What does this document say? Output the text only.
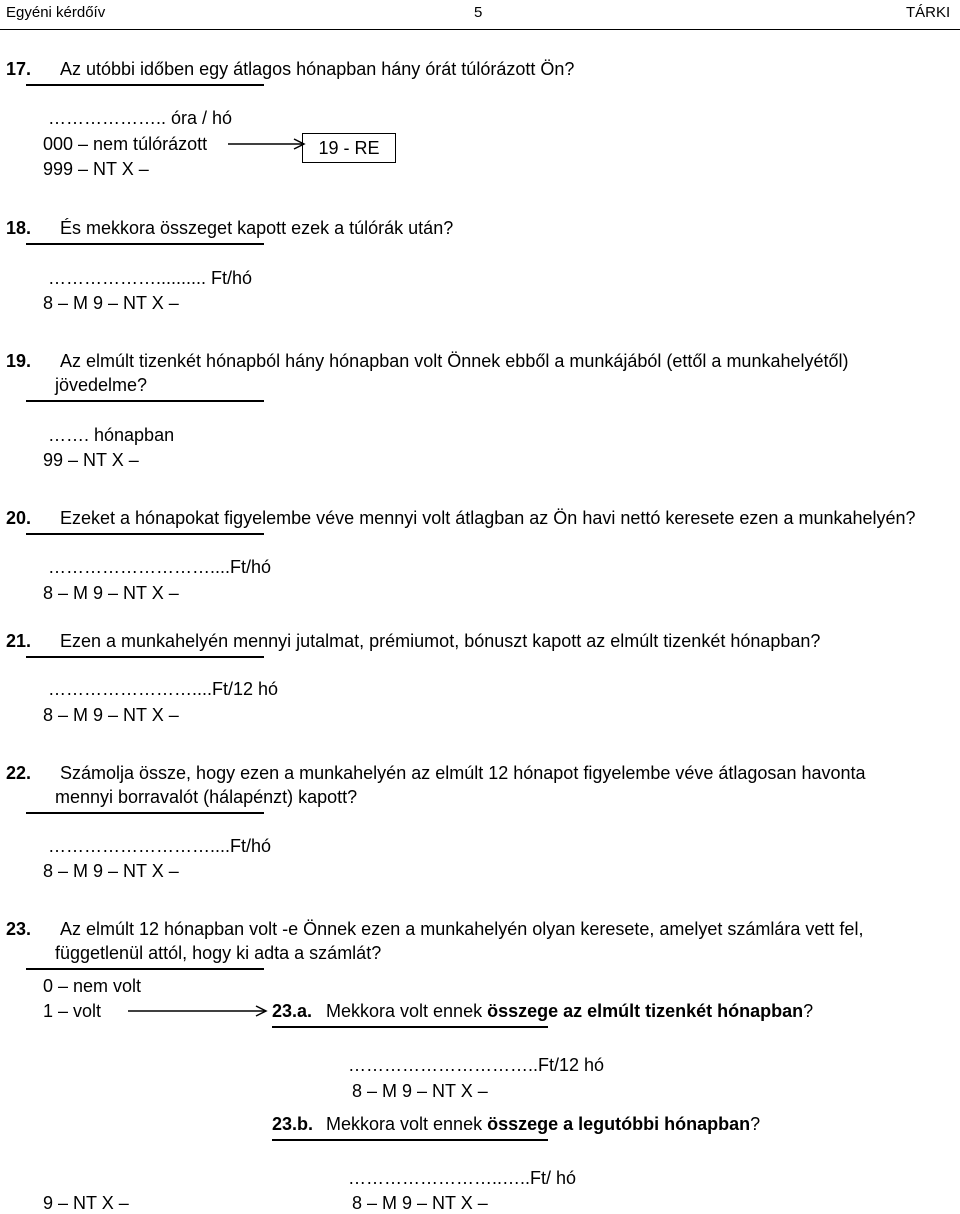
Egyéni kérdőív	5	TÁRKI
17. Az utóbbi időben egy átlagos hónapban hány órát túlórázott Ön?
……………….. óra / hó
000 – nem túlórázott
999 – NT X –
19 - RE
18. És mekkora összeget kapott ezek a túlórák után?
……………….......... Ft/hó
8 – M 9 – NT X –
19. Az elmúlt tizenkét hónapból hány hónapban volt Önnek ebből a munkájából (ettől a munkahelyétől)
jövedelme?
……. hónapban
99 – NT X –
20. Ezeket a hónapokat figyelembe véve mennyi volt átlagban az Ön havi nettó keresete ezen a munkahelyén?
………………………....Ft/hó
8 – M 9 – NT X –
21. Ezen a munkahelyén mennyi jutalmat, prémiumot, bónuszt kapott az elmúlt tizenkét hónapban?
……………………....Ft/12 hó
8 – M 9 – NT X –
22. Számolja össze, hogy ezen a munkahelyén az elmúlt 12 hónapot figyelembe véve átlagosan havonta
mennyi borravalót (hálapénzt) kapott?
………………………....Ft/hó
8 – M 9 – NT X –
23. Az elmúlt 12 hónapban volt -e Önnek ezen a munkahelyén olyan keresete, amelyet számlára vett fel,
függetlenül attól, hogy ki adta a számlát?
0 – nem volt
1 – volt	23.a. Mekkora volt ennek összege az elmúlt tizenkét hónapban?
…………………………..Ft/12 hó
8 – M 9 – NT X –
23.b. Mekkora volt ennek összege a legutóbbi hónapban?
……………………..…..Ft/ hó
9 – NT X –	8 – M 9 – NT X –
